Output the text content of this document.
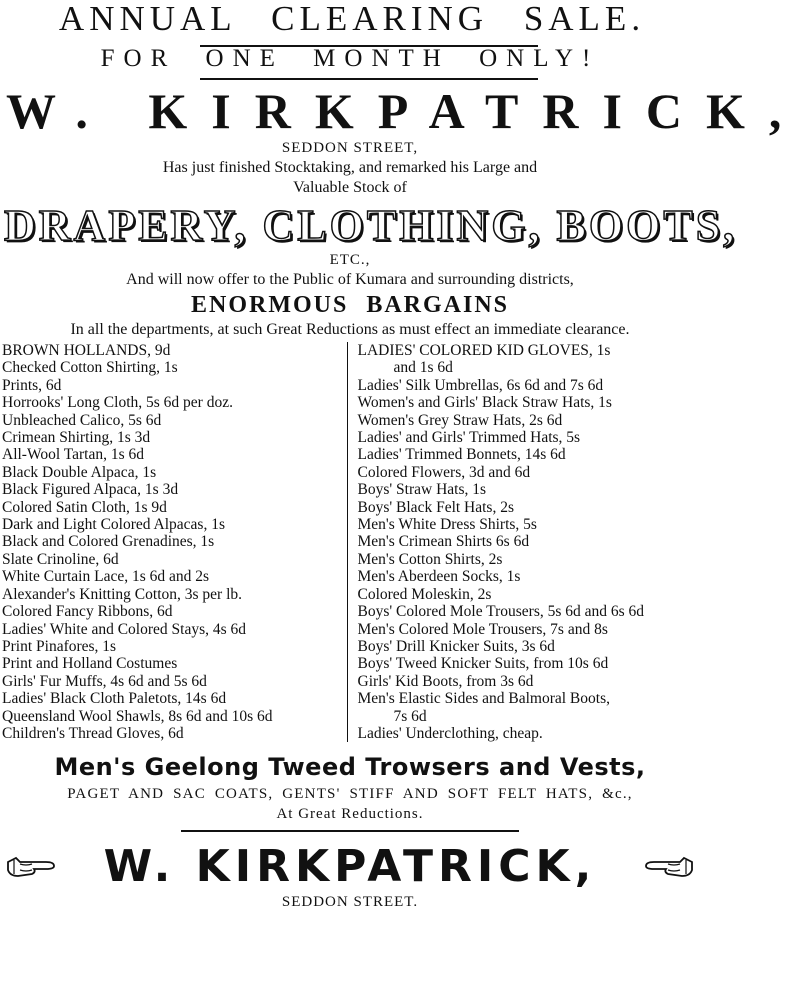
ANNUAL CLEARING SALE.
FOR ONE MONTH ONLY!
W. KIRKPATRICK,
SEDDON STREET,
Has just finished Stocktaking, and remarked his Large and
Valuable Stock of
DRAPERY, CLOTHING, BOOTS,
ETC.,
And will now offer to the Public of Kumara and surrounding districts,
ENORMOUS BARGAINS
In all the departments, at such Great Reductions as must effect an immediate clearance.
BROWN HOLLANDS, 9d
Checked Cotton Shirting, 1s
Prints, 6d
Horrooks' Long Cloth, 5s 6d per doz.
Unbleached Calico, 5s 6d
Crimean Shirting, 1s 3d
All-Wool Tartan, 1s 6d
Black Double Alpaca, 1s
Black Figured Alpaca, 1s 3d
Colored Satin Cloth, 1s 9d
Dark and Light Colored Alpacas, 1s
Black and Colored Grenadines, 1s
Slate Crinoline, 6d
White Curtain Lace, 1s 6d and 2s
Alexander's Knitting Cotton, 3s per lb.
Colored Fancy Ribbons, 6d
Ladies' White and Colored Stays, 4s 6d
Print Pinafores, 1s
Print and Holland Costumes
Girls' Fur Muffs, 4s 6d and 5s 6d
Ladies' Black Cloth Paletots, 14s 6d
Queensland Wool Shawls, 8s 6d and 10s 6d
Children's Thread Gloves, 6d
LADIES' COLORED KID GLOVES, 1s
and 1s 6d
Ladies' Silk Umbrellas, 6s 6d and 7s 6d
Women's and Girls' Black Straw Hats, 1s
Women's Grey Straw Hats, 2s 6d
Ladies' and Girls' Trimmed Hats, 5s
Ladies' Trimmed Bonnets, 14s 6d
Colored Flowers, 3d and 6d
Boys' Straw Hats, 1s
Boys' Black Felt Hats, 2s
Men's White Dress Shirts, 5s
Men's Crimean Shirts 6s 6d
Men's Cotton Shirts, 2s
Men's Aberdeen Socks, 1s
Colored Moleskin, 2s
Boys' Colored Mole Trousers, 5s 6d and 6s 6d
Men's Colored Mole Trousers, 7s and 8s
Boys' Drill Knicker Suits, 3s 6d
Boys' Tweed Knicker Suits, from 10s 6d
Girls' Kid Boots, from 3s 6d
Men's Elastic Sides and Balmoral Boots,
7s 6d
Ladies' Underclothing, cheap.
Men's Geelong Tweed Trowsers and Vests,
PAGET AND SAC COATS, GENTS' STIFF AND SOFT FELT HATS, &c.,
At Great Reductions.
W. KIRKPATRICK,
SEDDON STREET.
